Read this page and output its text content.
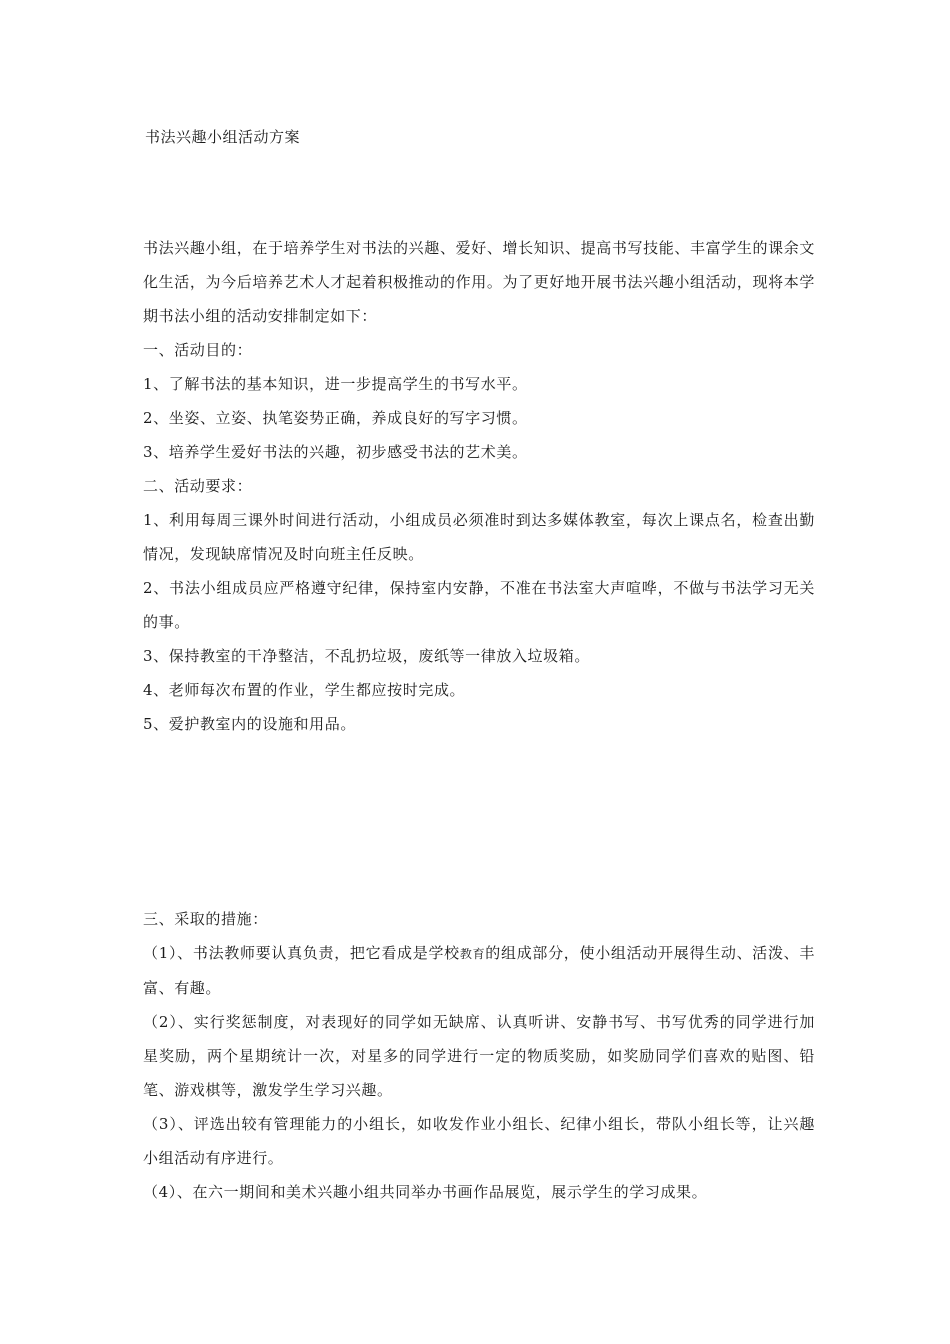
书法兴趣小组活动方案

书法兴趣小组，在于培养学生对书法的兴趣、爱好、增长知识、提高书写技能、丰富学生的课余文化生活，为今后培养艺术人才起着积极推动的作用。为了更好地开展书法兴趣小组活动，现将本学期书法小组的活动安排制定如下：

一、活动目的：

1、了解书法的基本知识，进一步提高学生的书写水平。

2、坐姿、立姿、执笔姿势正确，养成良好的写字习惯。

3、培养学生爱好书法的兴趣，初步感受书法的艺术美。

二、活动要求：

1、利用每周三课外时间进行活动，小组成员必须准时到达多媒体教室，每次上课点名，检查出勤情况，发现缺席情况及时向班主任反映。

2、书法小组成员应严格遵守纪律，保持室内安静，不准在书法室大声喧哗，不做与书法学习无关的事。

3、保持教室的干净整洁，不乱扔垃圾，废纸等一律放入垃圾箱。

4、老师每次布置的作业，学生都应按时完成。

5、爱护教室内的设施和用品。

三、采取的措施：

（1）、书法教师要认真负责，把它看成是学校教育的组成部分，使小组活动开展得生动、活泼、丰富、有趣。

（2）、实行奖惩制度，对表现好的同学如无缺席、认真听讲、安静书写、书写优秀的同学进行加星奖励，两个星期统计一次，对星多的同学进行一定的物质奖励，如奖励同学们喜欢的贴图、铅笔、游戏棋等，激发学生学习兴趣。

（3）、评选出较有管理能力的小组长，如收发作业小组长、纪律小组长，带队小组长等，让兴趣小组活动有序进行。

（4）、在六一期间和美术兴趣小组共同举办书画作品展览，展示学生的学习成果。
